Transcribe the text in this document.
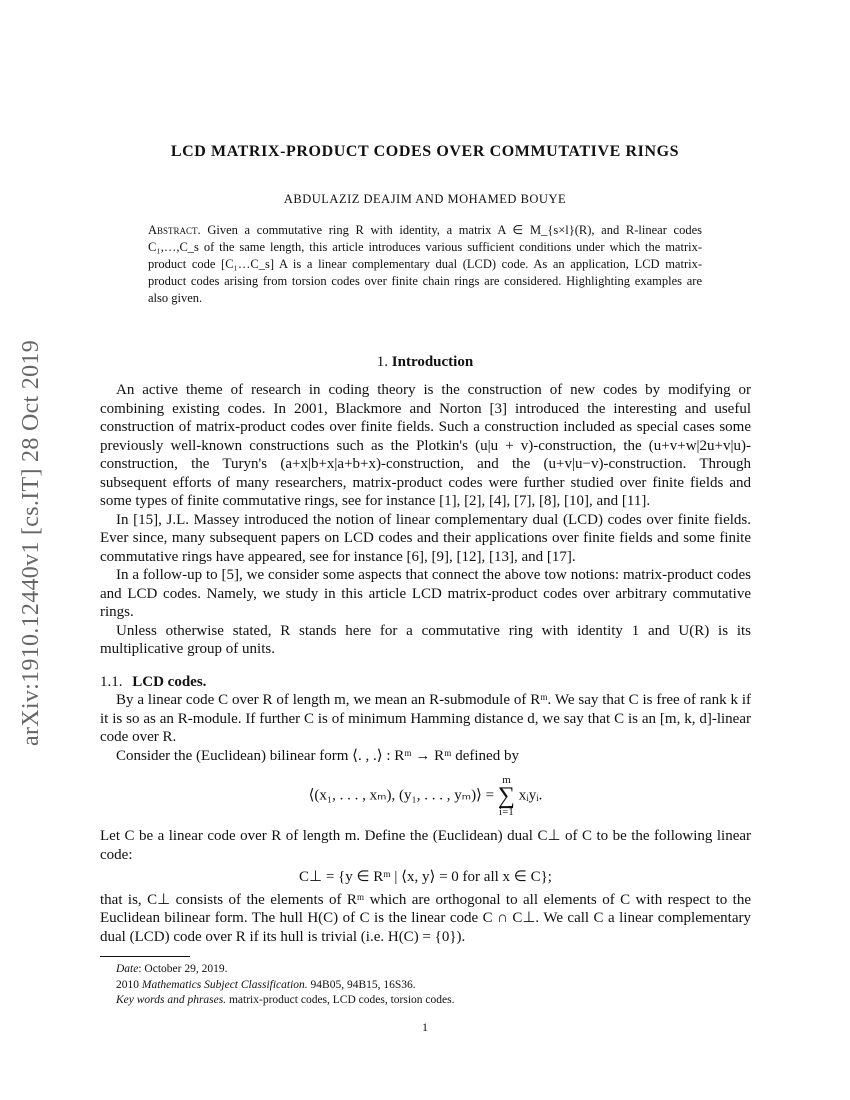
arXiv:1910.12440v1 [cs.IT] 28 Oct 2019
LCD MATRIX-PRODUCT CODES OVER COMMUTATIVE RINGS
ABDULAZIZ DEAJIM AND MOHAMED BOUYE
Abstract. Given a commutative ring R with identity, a matrix A ∈ M_{s×l}(R), and R-linear codes C₁,…,C_s of the same length, this article introduces various sufficient conditions under which the matrix-product code [C₁…C_s] A is a linear complementary dual (LCD) code. As an application, LCD matrix-product codes arising from torsion codes over finite chain rings are considered. Highlighting examples are also given.
1. Introduction

An active theme of research in coding theory is the construction of new codes by modifying or combining existing codes. In 2001, Blackmore and Norton [3] introduced the interesting and useful construction of matrix-product codes over finite fields. Such a construction included as special cases some previously well-known constructions such as the Plotkin's (u|u + v)-construction, the (u+v+w|2u+v|u)-construction, the Turyn's (a+x|b+x|a+b+x)-construction, and the (u+v|u−v)-construction. Through subsequent efforts of many researchers, matrix-product codes were further studied over finite fields and some types of finite commutative rings, see for instance [1], [2], [4], [7], [8], [10], and [11].

In [15], J.L. Massey introduced the notion of linear complementary dual (LCD) codes over finite fields. Ever since, many subsequent papers on LCD codes and their applications over finite fields and some finite commutative rings have appeared, see for instance [6], [9], [12], [13], and [17].

In a follow-up to [5], we consider some aspects that connect the above tow notions: matrix-product codes and LCD codes. Namely, we study in this article LCD matrix-product codes over arbitrary commutative rings.

Unless otherwise stated, R stands here for a commutative ring with identity 1 and U(R) is its multiplicative group of units.

1.1. LCD codes.

By a linear code C over R of length m, we mean an R-submodule of Rᵐ. We say that C is free of rank k if it is so as an R-module. If further C is of minimum Hamming distance d, we say that C is an [m, k, d]-linear code over R.

Consider the (Euclidean) bilinear form ⟨. , .⟩ : Rᵐ → Rᵐ defined by

⟨(x₁, . . . , xₘ), (y₁, . . . , yₘ)⟩ = m
∑
i=1 xᵢyᵢ.

Let C be a linear code over R of length m. Define the (Euclidean) dual C⊥ of C to be the following linear code:

C⊥ = {y ∈ Rᵐ | ⟨x, y⟩ = 0 for all x ∈ C};

that is, C⊥ consists of the elements of Rᵐ which are orthogonal to all elements of C with respect to the Euclidean bilinear form. The hull H(C) of C is the linear code C ∩ C⊥. We call C a linear complementary dual (LCD) code over R if its hull is trivial (i.e. H(C) = {0}).

Date: October 29, 2019.
2010 Mathematics Subject Classification. 94B05, 94B15, 16S36.
Key words and phrases. matrix-product codes, LCD codes, torsion codes.
1
